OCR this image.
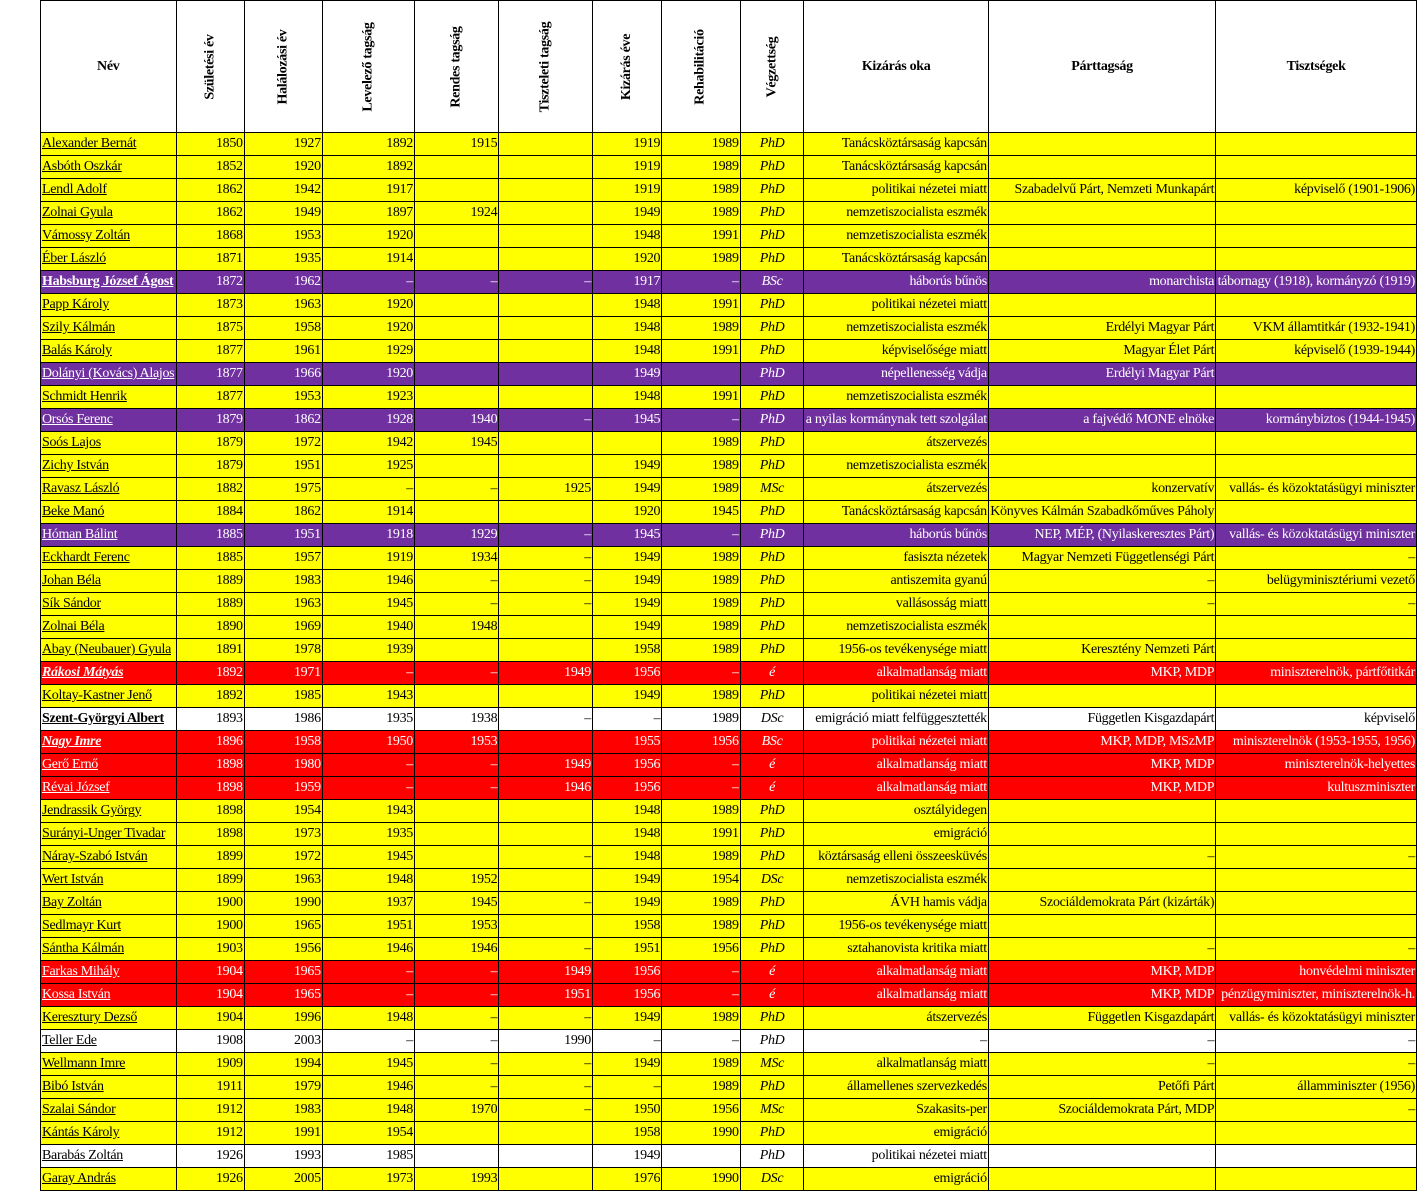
Név	Születési év	Halálozási év	Levelező tagság	Rendes tagság	Tiszteleti tagság	Kizárás éve	Rehabilitáció	Végzettség	Kizárás oka	Párttagság	Tisztségek
Alexander Bernát	1850	1927	1892	1915		1919	1989	PhD	Tanácsköztársaság kapcsán		
Asbóth Oszkár	1852	1920	1892			1919	1989	PhD	Tanácsköztársaság kapcsán		
Lendl Adolf	1862	1942	1917			1919	1989	PhD	politikai nézetei miatt	Szabadelvű Párt, Nemzeti Munkapárt	képviselő (1901-1906)
Zolnai Gyula	1862	1949	1897	1924		1949	1989	PhD	nemzetiszocialista eszmék		
Vámossy Zoltán	1868	1953	1920			1948	1991	PhD	nemzetiszocialista eszmék		
Éber László	1871	1935	1914			1920	1989	PhD	Tanácsköztársaság kapcsán		
Habsburg József Ágost	1872	1962	–	–	–	1917	–	BSc	háborús bűnös	monarchista	tábornagy (1918), kormányzó (1919)
Papp Károly	1873	1963	1920			1948	1991	PhD	politikai nézetei miatt		
Szily Kálmán	1875	1958	1920			1948	1989	PhD	nemzetiszocialista eszmék	Erdélyi Magyar Párt	VKM államtitkár (1932-1941)
Balás Károly	1877	1961	1929			1948	1991	PhD	képviselősége miatt	Magyar Élet Párt	képviselő (1939-1944)
Dolányi (Kovács) Alajos	1877	1966	1920			1949		PhD	népellenesség vádja	Erdélyi Magyar Párt	
Schmidt Henrik	1877	1953	1923			1948	1991	PhD	nemzetiszocialista eszmék		
Orsós Ferenc	1879	1862	1928	1940	–	1945	–	PhD	a nyilas kormánynak tett szolgálat	a fajvédő MONE elnöke	kormánybiztos (1944-1945)
Soós Lajos	1879	1972	1942	1945			1989	PhD	átszervezés		
Zichy István	1879	1951	1925			1949	1989	PhD	nemzetiszocialista eszmék		
Ravasz László	1882	1975	–	–	1925	1949	1989	MSc	átszervezés	konzervatív	vallás- és közoktatásügyi miniszter
Beke Manó	1884	1862	1914			1920	1945	PhD	Tanácsköztársaság kapcsán	Könyves Kálmán Szabadkőműves Páholy	
Hóman Bálint	1885	1951	1918	1929	–	1945	–	PhD	háborús bűnös	NEP, MÉP, (Nyilaskeresztes Párt)	vallás- és közoktatásügyi miniszter
Eckhardt Ferenc	1885	1957	1919	1934	–	1949	1989	PhD	fasiszta nézetek	Magyar Nemzeti Függetlenségi Párt	–
Johan Béla	1889	1983	1946	–	–	1949	1989	PhD	antiszemita gyanú	–	belügyminisztériumi vezető
Sík Sándor	1889	1963	1945	–	–	1949	1989	PhD	vallásosság miatt	–	–
Zolnai Béla	1890	1969	1940	1948		1949	1989	PhD	nemzetiszocialista eszmék		
Abay (Neubauer) Gyula	1891	1978	1939			1958	1989	PhD	1956-os tevékenysége miatt	Keresztény Nemzeti Párt	
Rákosi Mátyás	1892	1971	–	–	1949	1956	–	é	alkalmatlanság miatt	MKP, MDP	miniszterelnök, pártfőtitkár
Koltay-Kastner Jenő	1892	1985	1943			1949	1989	PhD	politikai nézetei miatt		
Szent-Györgyi Albert	1893	1986	1935	1938	–	–	1989	DSc	emigráció miatt felfüggesztették	Független Kisgazdapárt	képviselő
Nagy Imre	1896	1958	1950	1953		1955	1956	BSc	politikai nézetei miatt	MKP, MDP, MSzMP	miniszterelnök (1953-1955, 1956)
Gerő Ernő	1898	1980	–	–	1949	1956	–	é	alkalmatlanság miatt	MKP, MDP	miniszterelnök-helyettes
Révai József	1898	1959	–	–	1946	1956	–	é	alkalmatlanság miatt	MKP, MDP	kultuszminiszter
Jendrassik György	1898	1954	1943			1948	1989	PhD	osztályidegen		
Surányi-Unger Tivadar	1898	1973	1935			1948	1991	PhD	emigráció		
Náray-Szabó István	1899	1972	1945		–	1948	1989	PhD	köztársaság elleni összeesküvés	–	–
Wert István	1899	1963	1948	1952		1949	1954	DSc	nemzetiszocialista eszmék		
Bay Zoltán	1900	1990	1937	1945	–	1949	1989	PhD	ÁVH hamis vádja	Szociáldemokrata Párt (kizárták)	
Sedlmayr Kurt	1900	1965	1951	1953		1958	1989	PhD	1956-os tevékenysége miatt		
Sántha Kálmán	1903	1956	1946	1946	–	1951	1956	PhD	sztahanovista kritika miatt	–	–
Farkas Mihály	1904	1965	–	–	1949	1956	–	é	alkalmatlanság miatt	MKP, MDP	honvédelmi miniszter
Kossa István	1904	1965	–	–	1951	1956	–	é	alkalmatlanság miatt	MKP, MDP	pénzügyminiszter, miniszterelnök-h.
Keresztury Dezső	1904	1996	1948	–	–	1949	1989	PhD	átszervezés	Független Kisgazdapárt	vallás- és közoktatásügyi miniszter
Teller Ede	1908	2003	–	–	1990	–	–	PhD	–	–	–
Wellmann Imre	1909	1994	1945	–	–	1949	1989	MSc	alkalmatlanság miatt	–	–
Bibó István	1911	1979	1946	–	–	–	1989	PhD	államellenes szervezkedés	Petőfi Párt	államminiszter (1956)
Szalai Sándor	1912	1983	1948	1970	–	1950	1956	MSc	Szakasits-per	Szociáldemokrata Párt, MDP	–
Kántás Károly	1912	1991	1954			1958	1990	PhD	emigráció		
Barabás Zoltán	1926	1993	1985			1949		PhD	politikai nézetei miatt		
Garay András	1926	2005	1973	1993		1976	1990	DSc	emigráció		
